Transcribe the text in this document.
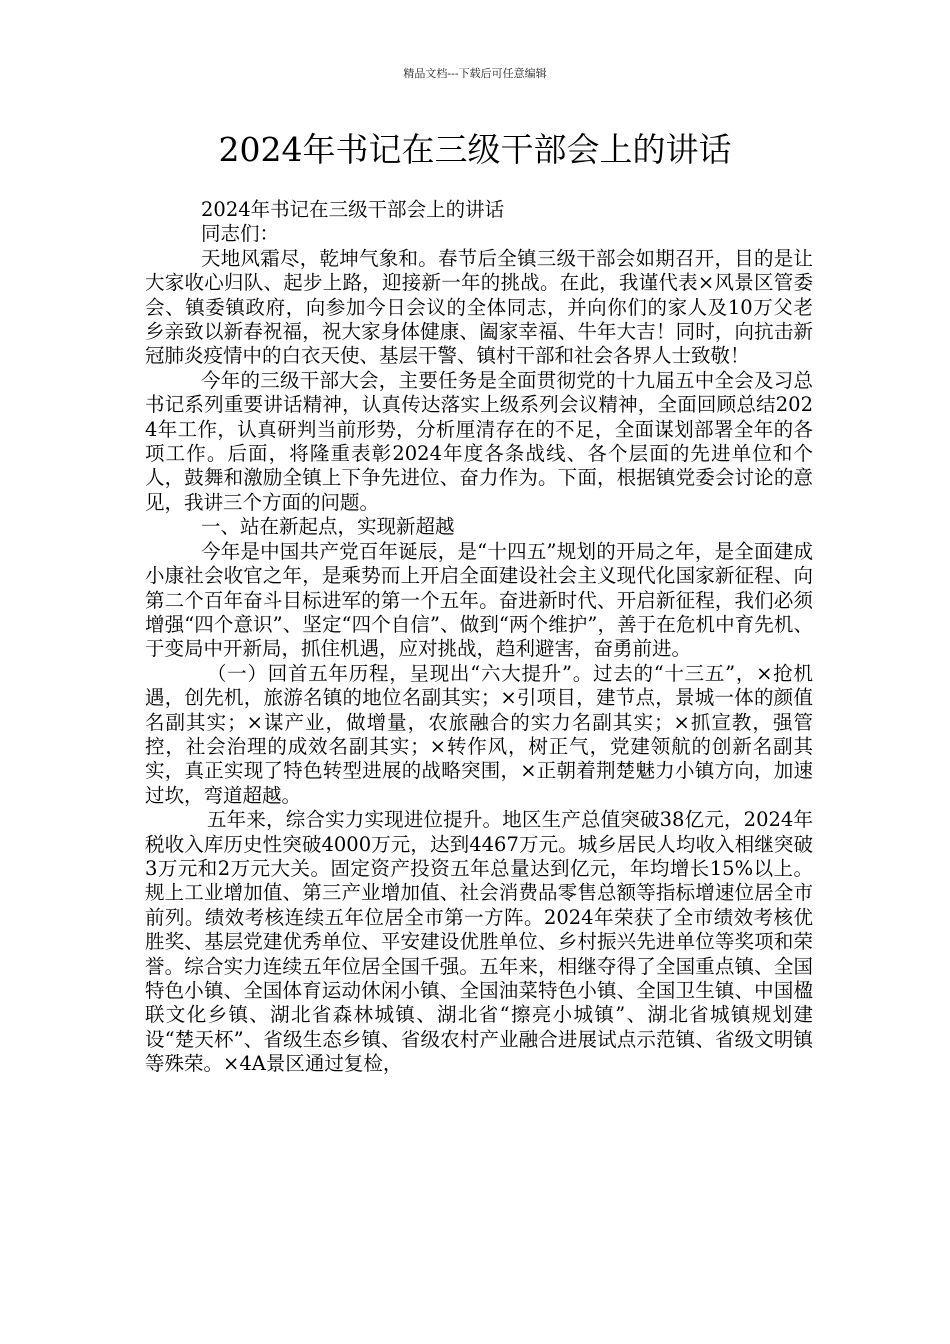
精品文档---下载后可任意编辑
2024年书记在三级干部会上的讲话

2024年书记在三级干部会上的讲话

同志们：

天地风霜尽，乾坤气象和。春节后全镇三级干部会如期召开，目的是让大家收心归队、起步上路，迎接新一年的挑战。在此，我谨代表×风景区管委会、镇委镇政府，向参加今日会议的全体同志，并向你们的家人及10万父老乡亲致以新春祝福，祝大家身体健康、阖家幸福、牛年大吉！同时，向抗击新冠肺炎疫情中的白衣天使、基层干警、镇村干部和社会各界人士致敬！

今年的三级干部大会，主要任务是全面贯彻党的十九届五中全会及习总书记系列重要讲话精神，认真传达落实上级系列会议精神，全面回顾总结2024年工作，认真研判当前形势，分析厘清存在的不足，全面谋划部署全年的各项工作。后面，将隆重表彰2024年度各条战线、各个层面的先进单位和个人，鼓舞和激励全镇上下争先进位、奋力作为。下面，根据镇党委会讨论的意见，我讲三个方面的问题。

一、站在新起点，实现新超越

今年是中国共产党百年诞辰，是“十四五”规划的开局之年，是全面建成小康社会收官之年，是乘势而上开启全面建设社会主义现代化国家新征程、向第二个百年奋斗目标进军的第一个五年。奋进新时代、开启新征程，我们必须增强“四个意识”、坚定“四个自信”、做到“两个维护”，善于在危机中育先机、于变局中开新局，抓住机遇，应对挑战，趋利避害，奋勇前进。

（一）回首五年历程，呈现出“六大提升”。过去的“十三五”，×抢机遇，创先机，旅游名镇的地位名副其实；×引项目，建节点，景城一体的颜值名副其实；×谋产业，做增量，农旅融合的实力名副其实；×抓宣教，强管控，社会治理的成效名副其实；×转作风，树正气，党建领航的创新名副其实，真正实现了特色转型进展的战略突围，×正朝着荆楚魅力小镇方向，加速过坎，弯道超越。

五年来，综合实力实现进位提升。地区生产总值突破38亿元，2024年税收入库历史性突破4000万元，达到4467万元。城乡居民人均收入相继突破3万元和2万元大关。固定资产投资五年总量达到亿元，年均增长15%以上。规上工业增加值、第三产业增加值、社会消费品零售总额等指标增速位居全市前列。绩效考核连续五年位居全市第一方阵。2024年荣获了全市绩效考核优胜奖、基层党建优秀单位、平安建设优胜单位、乡村振兴先进单位等奖项和荣誉。综合实力连续五年位居全国千强。五年来，相继夺得了全国重点镇、全国特色小镇、全国体育运动休闲小镇、全国油菜特色小镇、全国卫生镇、中国楹联文化乡镇、湖北省森林城镇、湖北省“擦亮小城镇”、湖北省城镇规划建设“楚天杯”、省级生态乡镇、省级农村产业融合进展试点示范镇、省级文明镇等殊荣。×4A景区通过复检，
